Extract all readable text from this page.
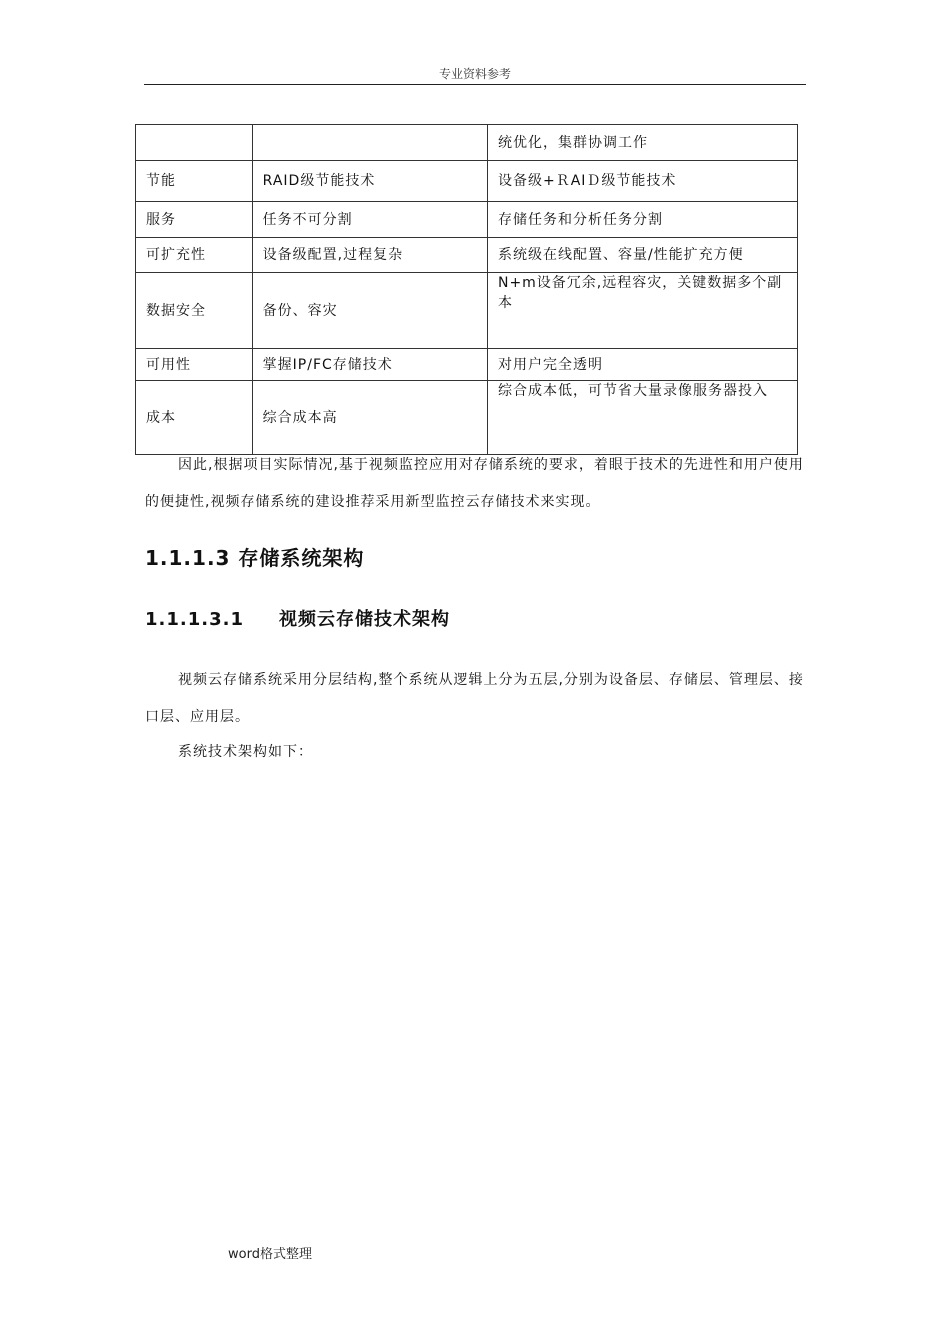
专业资料参考
		统优化，集群协调工作
节能	RAID级节能技术	设备级+ＲAIＤ级节能技术
服务	任务不可分割	存储任务和分析任务分割
可扩充性	设备级配置,过程复杂	系统级在线配置、容量/性能扩充方便
数据安全	备份、容灾	N+m设备冗余,远程容灾，关键数据多个副本
可用性	掌握IP/FC存储技术	对用户完全透明
成本	综合成本高	综合成本低，可节省大量录像服务器投入

因此,根据项目实际情况,基于视频监控应用对存储系统的要求，着眼于技术的先进性和用户使用的便捷性,视频存储系统的建设推荐采用新型监控云存储技术来实现。

1.1.1.3 存储系统架构
1.1.1.3.1 视频云存储技术架构

视频云存储系统采用分层结构,整个系统从逻辑上分为五层,分别为设备层、存储层、管理层、接口层、应用层。

系统技术架构如下：

word格式整理
